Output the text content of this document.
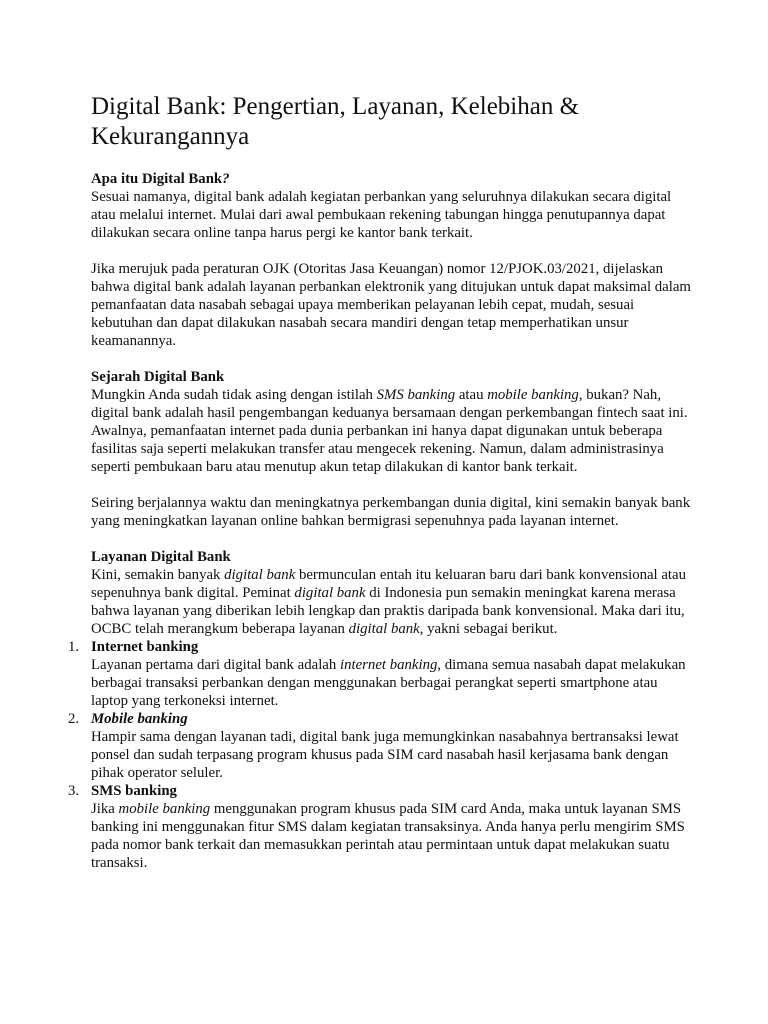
Digital Bank: Pengertian, Layanan, Kelebihan & Kekurangannya

Apa itu Digital Bank?

Sesuai namanya, digital bank adalah kegiatan perbankan yang seluruhnya dilakukan secara digital atau melalui internet. Mulai dari awal pembukaan rekening tabungan hingga penutupannya dapat dilakukan secara online tanpa harus pergi ke kantor bank terkait.

Jika merujuk pada peraturan OJK (Otoritas Jasa Keuangan) nomor 12/PJOK.03/2021, dijelaskan bahwa digital bank adalah layanan perbankan elektronik yang ditujukan untuk dapat maksimal dalam pemanfaatan data nasabah sebagai upaya memberikan pelayanan lebih cepat, mudah, sesuai kebutuhan dan dapat dilakukan nasabah secara mandiri dengan tetap memperhatikan unsur keamanannya.

Sejarah Digital Bank

Mungkin Anda sudah tidak asing dengan istilah SMS banking atau mobile banking, bukan? Nah, digital bank adalah hasil pengembangan keduanya bersamaan dengan perkembangan fintech saat ini.

Awalnya, pemanfaatan internet pada dunia perbankan ini hanya dapat digunakan untuk beberapa fasilitas saja seperti melakukan transfer atau mengecek rekening. Namun, dalam administrasinya seperti pembukaan baru atau menutup akun tetap dilakukan di kantor bank terkait.

Seiring berjalannya waktu dan meningkatnya perkembangan dunia digital, kini semakin banyak bank yang meningkatkan layanan online bahkan bermigrasi sepenuhnya pada layanan internet.

Layanan Digital Bank

Kini, semakin banyak digital bank bermunculan entah itu keluaran baru dari bank konvensional atau sepenuhnya bank digital. Peminat digital bank di Indonesia pun semakin meningkat karena merasa bahwa layanan yang diberikan lebih lengkap dan praktis daripada bank konvensional. Maka dari itu, OCBC telah merangkum beberapa layanan digital bank, yakni sebagai berikut.

1. Internet banking
Layanan pertama dari digital bank adalah internet banking, dimana semua nasabah dapat melakukan berbagai transaksi perbankan dengan menggunakan berbagai perangkat seperti smartphone atau laptop yang terkoneksi internet.
2. Mobile banking
Hampir sama dengan layanan tadi, digital bank juga memungkinkan nasabahnya bertransaksi lewat ponsel dan sudah terpasang program khusus pada SIM card nasabah hasil kerjasama bank dengan pihak operator seluler.
3. SMS banking
Jika mobile banking menggunakan program khusus pada SIM card Anda, maka untuk layanan SMS banking ini menggunakan fitur SMS dalam kegiatan transaksinya. Anda hanya perlu mengirim SMS pada nomor bank terkait dan memasukkan perintah atau permintaan untuk dapat melakukan suatu transaksi.
